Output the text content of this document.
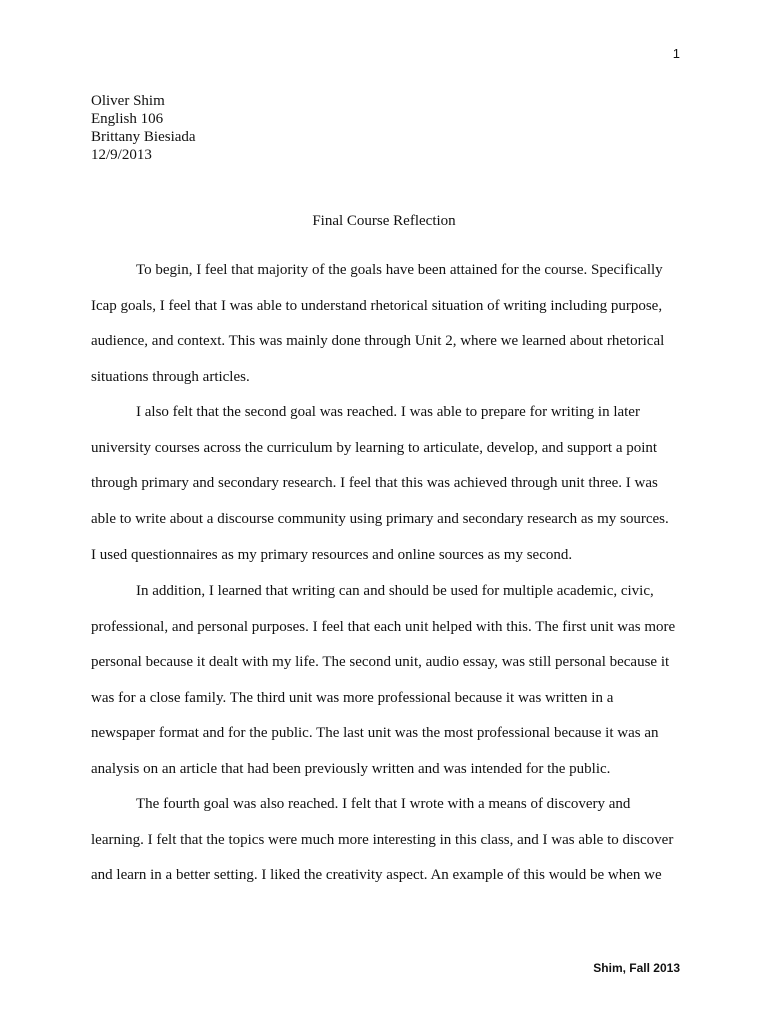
1
Oliver Shim
English 106
Brittany Biesiada
12/9/2013
Final Course Reflection
To begin, I feel that majority of the goals have been attained for the course. Specifically
Icap goals, I feel that I was able to understand rhetorical situation of writing including purpose,
audience, and context. This was mainly done through Unit 2, where we learned about rhetorical
situations through articles.
I also felt that the second goal was reached. I was able to prepare for writing in later
university courses across the curriculum by learning to articulate, develop, and support a point
through primary and secondary research. I feel that this was achieved through unit three. I was
able to write about a discourse community using primary and secondary research as my sources.
I used questionnaires as my primary resources and online sources as my second.
In addition, I learned that writing can and should be used for multiple academic, civic,
professional, and personal purposes. I feel that each unit helped with this. The first unit was more
personal because it dealt with my life. The second unit, audio essay, was still personal because it
was for a close family. The third unit was more professional because it was written in a
newspaper format and for the public. The last unit was the most professional because it was an
analysis on an article that had been previously written and was intended for the public.
The fourth goal was also reached. I felt that I wrote with a means of discovery and
learning. I felt that the topics were much more interesting in this class, and I was able to discover
and learn in a better setting. I liked the creativity aspect. An example of this would be when we
Shim, Fall 2013
